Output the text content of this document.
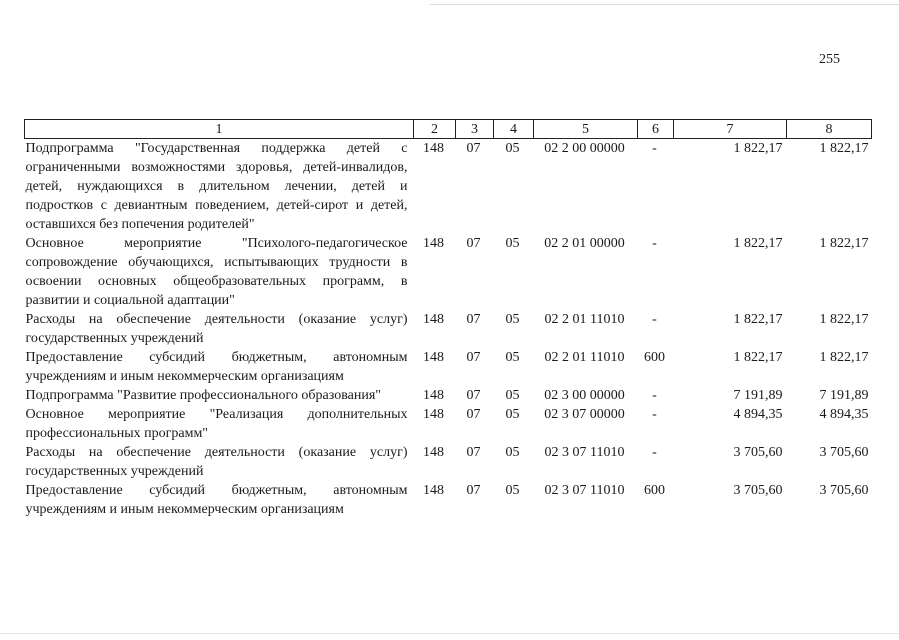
255
1	2	3	4	5	6	7	8
Подпрограмма "Государственная поддержка детей с ограниченными возможностями здоровья, детей-инвалидов, детей, нуждающихся в длительном лечении, детей и подростков с девиантным поведением, детей-сирот и детей, оставшихся без попечения родителей"	148	07	05	02 2 00 00000	-	1 822,17	1 822,17
Основное мероприятие "Психолого-педагогическое сопровождение обучающихся, испытывающих трудности в освоении основных общеобразовательных программ, в развитии и социальной адаптации"	148	07	05	02 2 01 00000	-	1 822,17	1 822,17
Расходы на обеспечение деятельности (оказание услуг) государственных учреждений	148	07	05	02 2 01 11010	-	1 822,17	1 822,17
Предоставление субсидий бюджетным, автономным учреждениям и иным некоммерческим организациям	148	07	05	02 2 01 11010	600	1 822,17	1 822,17
Подпрограмма "Развитие профессионального образования"	148	07	05	02 3 00 00000	-	7 191,89	7 191,89
Основное мероприятие "Реализация дополнительных профессиональных программ"	148	07	05	02 3 07 00000	-	4 894,35	4 894,35
Расходы на обеспечение деятельности (оказание услуг) государственных учреждений	148	07	05	02 3 07 11010	-	3 705,60	3 705,60
Предоставление субсидий бюджетным, автономным учреждениям и иным некоммерческим организациям	148	07	05	02 3 07 11010	600	3 705,60	3 705,60
